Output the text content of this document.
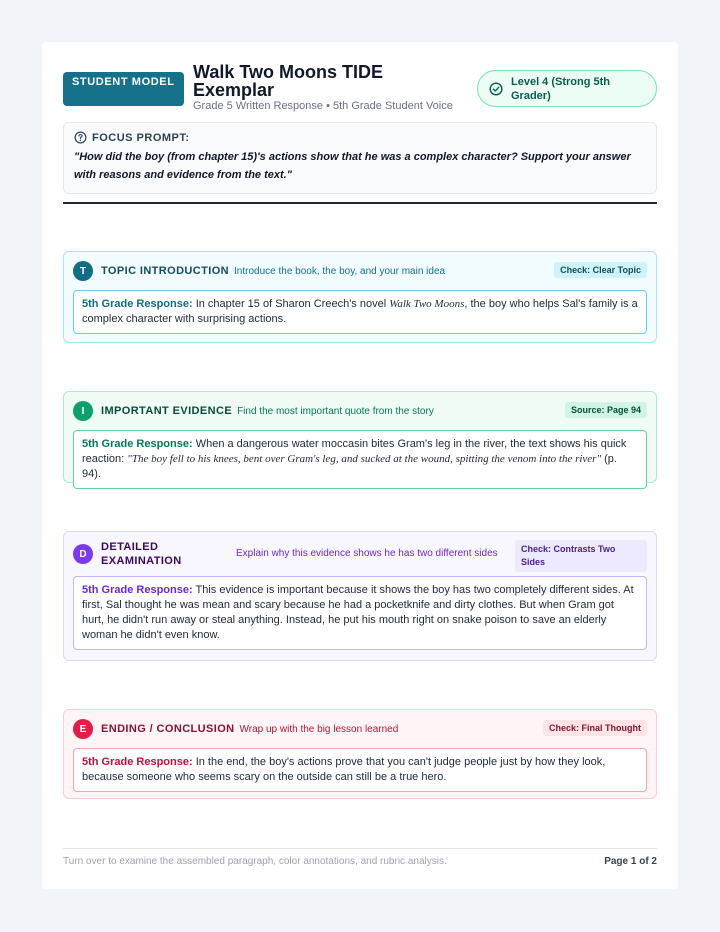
STUDENT MODEL	Walk Two Moons TIDE Exemplar
Grade 5 Written Response • 5th Grade Student Voice
Level 4 (Strong 5th Grader)
FOCUS PROMPT:
"How did the boy (from chapter 15)'s actions show that he was a complex character? Support your answer with reasons and evidence from the text."
T	TOPIC INTRODUCTION Introduce the book, the boy, and your main idea	Check: Clear Topic
5th Grade Response: In chapter 15 of Sharon Creech's novel Walk Two Moons, the boy who helps Sal's family is a complex character with surprising actions.
I	IMPORTANT EVIDENCE Find the most important quote from the story	Source: Page 94
5th Grade Response: When a dangerous water moccasin bites Gram's leg in the river, the text shows his quick reaction: "The boy fell to his knees, bent over Gram's leg, and sucked at the wound, spitting the venom into the river" (p. 94).
D
DETAILED EXAMINATION
Explain why this evidence shows he has two different sides	Check: Contrasts Two Sides
5th Grade Response: This evidence is important because it shows the boy has two completely different sides. At first, Sal thought he was mean and scary because he had a pocketknife and dirty clothes. But when Gram got hurt, he didn't run away or steal anything. Instead, he put his mouth right on snake poison to save an elderly woman he didn't even know.
E	ENDING / CONCLUSION Wrap up with the big lesson learned	Check: Final Thought
5th Grade Response: In the end, the boy's actions prove that you can't judge people just by how they look, because someone who seems scary on the outside can still be a true hero.
Turn over to examine the assembled paragraph, color annotations, and rubric analysis.	Page 1 of 2
